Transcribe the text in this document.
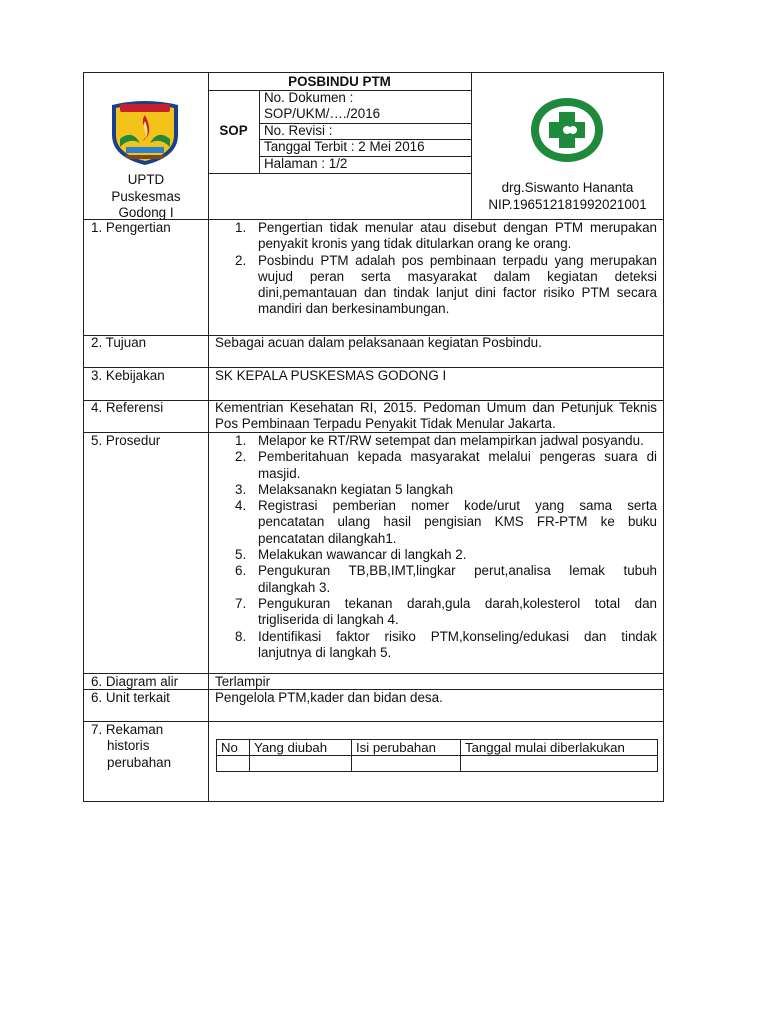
POSBINDU PTM
SOP
No. Dokumen :
SOP/UKM/…./2016
No. Revisi :
Tanggal Terbit : 2 Mei 2016
Halaman : 1/2
UPTD
Puskesmas
Godong I
drg.Siswanto Hananta
NIP.196512181992021001
1. Pengertian	1. Pengertian tidak menular atau disebut dengan PTM merupakan penyakit kronis yang tidak ditularkan orang ke orang.
2. Posbindu PTM adalah pos pembinaan terpadu yang merupakan wujud peran serta masyarakat dalam kegiatan deteksi dini,pemantauan dan tindak lanjut dini factor risiko PTM secara mandiri dan berkesinambungan.
2. Tujuan	Sebagai acuan dalam pelaksanaan kegiatan Posbindu.
3. Kebijakan	SK KEPALA PUSKESMAS GODONG I
4. Referensi	Kementrian Kesehatan RI, 2015. Pedoman Umum dan Petunjuk Teknis Pos Pembinaan Terpadu Penyakit Tidak Menular Jakarta.
5. Prosedur	1. Melapor ke RT/RW setempat dan melampirkan jadwal posyandu.
2. Pemberitahuan kepada masyarakat melalui pengeras suara di masjid.
3. Melaksanakn kegiatan 5 langkah
4. Registrasi pemberian nomer kode/urut yang sama serta pencatatan ulang hasil pengisian KMS FR-PTM ke buku pencatatan dilangkah1.
5. Melakukan wawancar di langkah 2.
6. Pengukuran TB,BB,IMT,lingkar perut,analisa lemak tubuh dilangkah 3.
7. Pengukuran tekanan darah,gula darah,kolesterol total dan trigliserida di langkah 4.
8. Identifikasi faktor risiko PTM,konseling/edukasi dan tindak lanjutnya di langkah 5.
6. Diagram alir	Terlampir
6. Unit terkait	Pengelola PTM,kader dan bidan desa.
7. Rekaman
historis
perubahan
No	Yang diubah	Isi perubahan	Tanggal mulai diberlakukan
